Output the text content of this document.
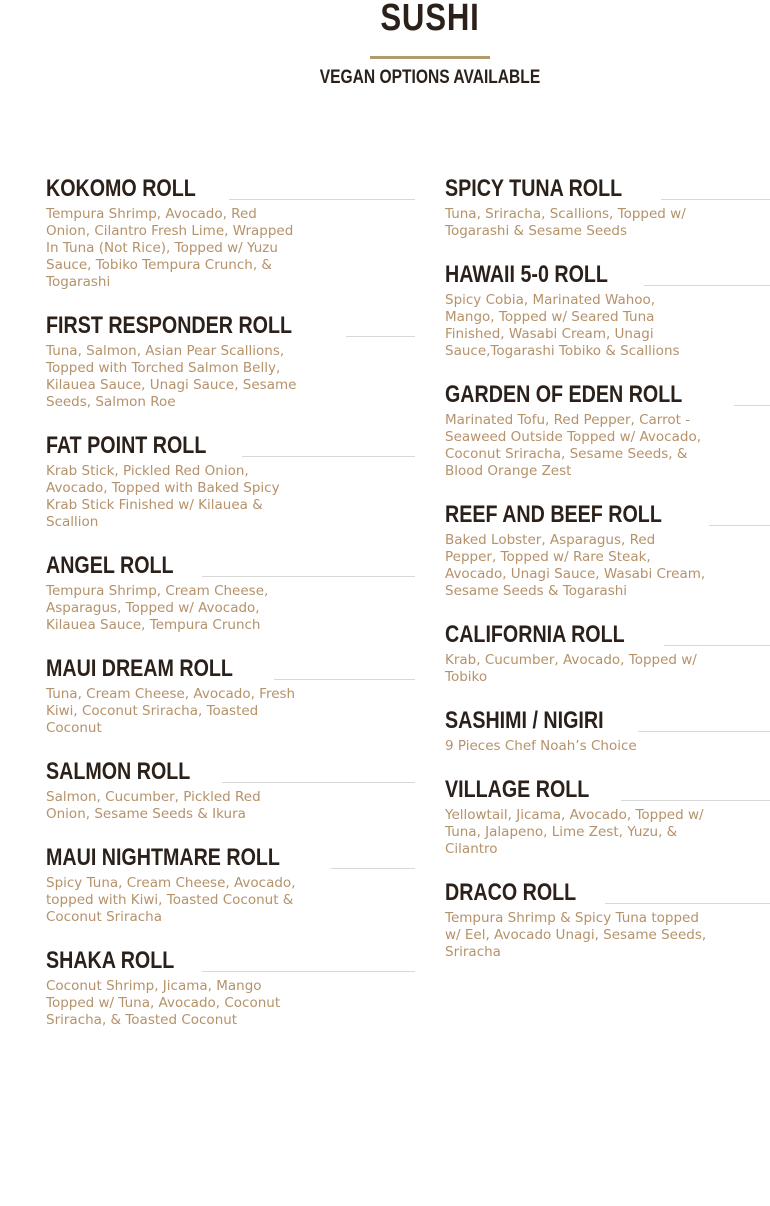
SUSHI
VEGAN OPTIONS AVAILABLE
KOKOMO ROLL
Tempura Shrimp, Avocado, Red Onion, Cilantro Fresh Lime, Wrapped In Tuna (Not Rice), Topped w/ Yuzu Sauce, Tobiko Tempura Crunch, & Togarashi
FIRST RESPONDER ROLL
Tuna, Salmon, Asian Pear Scallions, Topped with Torched Salmon Belly, Kilauea Sauce, Unagi Sauce, Sesame Seeds, Salmon Roe
FAT POINT ROLL
Krab Stick, Pickled Red Onion, Avocado, Topped with Baked Spicy Krab Stick Finished w/ Kilauea & Scallion
ANGEL ROLL
Tempura Shrimp, Cream Cheese, Asparagus, Topped w/ Avocado, Kilauea Sauce, Tempura Crunch
MAUI DREAM ROLL
Tuna, Cream Cheese, Avocado, Fresh Kiwi, Coconut Sriracha, Toasted Coconut
SALMON ROLL
Salmon, Cucumber, Pickled Red Onion, Sesame Seeds & Ikura
MAUI NIGHTMARE ROLL
Spicy Tuna, Cream Cheese, Avocado, topped with Kiwi, Toasted Coconut & Coconut Sriracha
SHAKA ROLL
Coconut Shrimp, Jicama, Mango Topped w/ Tuna, Avocado, Coconut Sriracha, & Toasted Coconut
SPICY TUNA ROLL
Tuna, Sriracha, Scallions, Topped w/ Togarashi & Sesame Seeds
HAWAII 5-0 ROLL
Spicy Cobia, Marinated Wahoo, Mango, Topped w/ Seared Tuna Finished, Wasabi Cream, Unagi Sauce,Togarashi Tobiko & Scallions
GARDEN OF EDEN ROLL
Marinated Tofu, Red Pepper, Carrot - Seaweed Outside Topped w/ Avocado, Coconut Sriracha, Sesame Seeds, & Blood Orange Zest
REEF AND BEEF ROLL
Baked Lobster, Asparagus, Red Pepper, Topped w/ Rare Steak, Avocado, Unagi Sauce, Wasabi Cream, Sesame Seeds & Togarashi
CALIFORNIA ROLL
Krab, Cucumber, Avocado, Topped w/ Tobiko
SASHIMI / NIGIRI
9 Pieces Chef Noah’s Choice
VILLAGE ROLL
Yellowtail, Jicama, Avocado, Topped w/ Tuna, Jalapeno, Lime Zest, Yuzu, & Cilantro
DRACO ROLL
Tempura Shrimp & Spicy Tuna topped w/ Eel, Avocado Unagi, Sesame Seeds, Sriracha
